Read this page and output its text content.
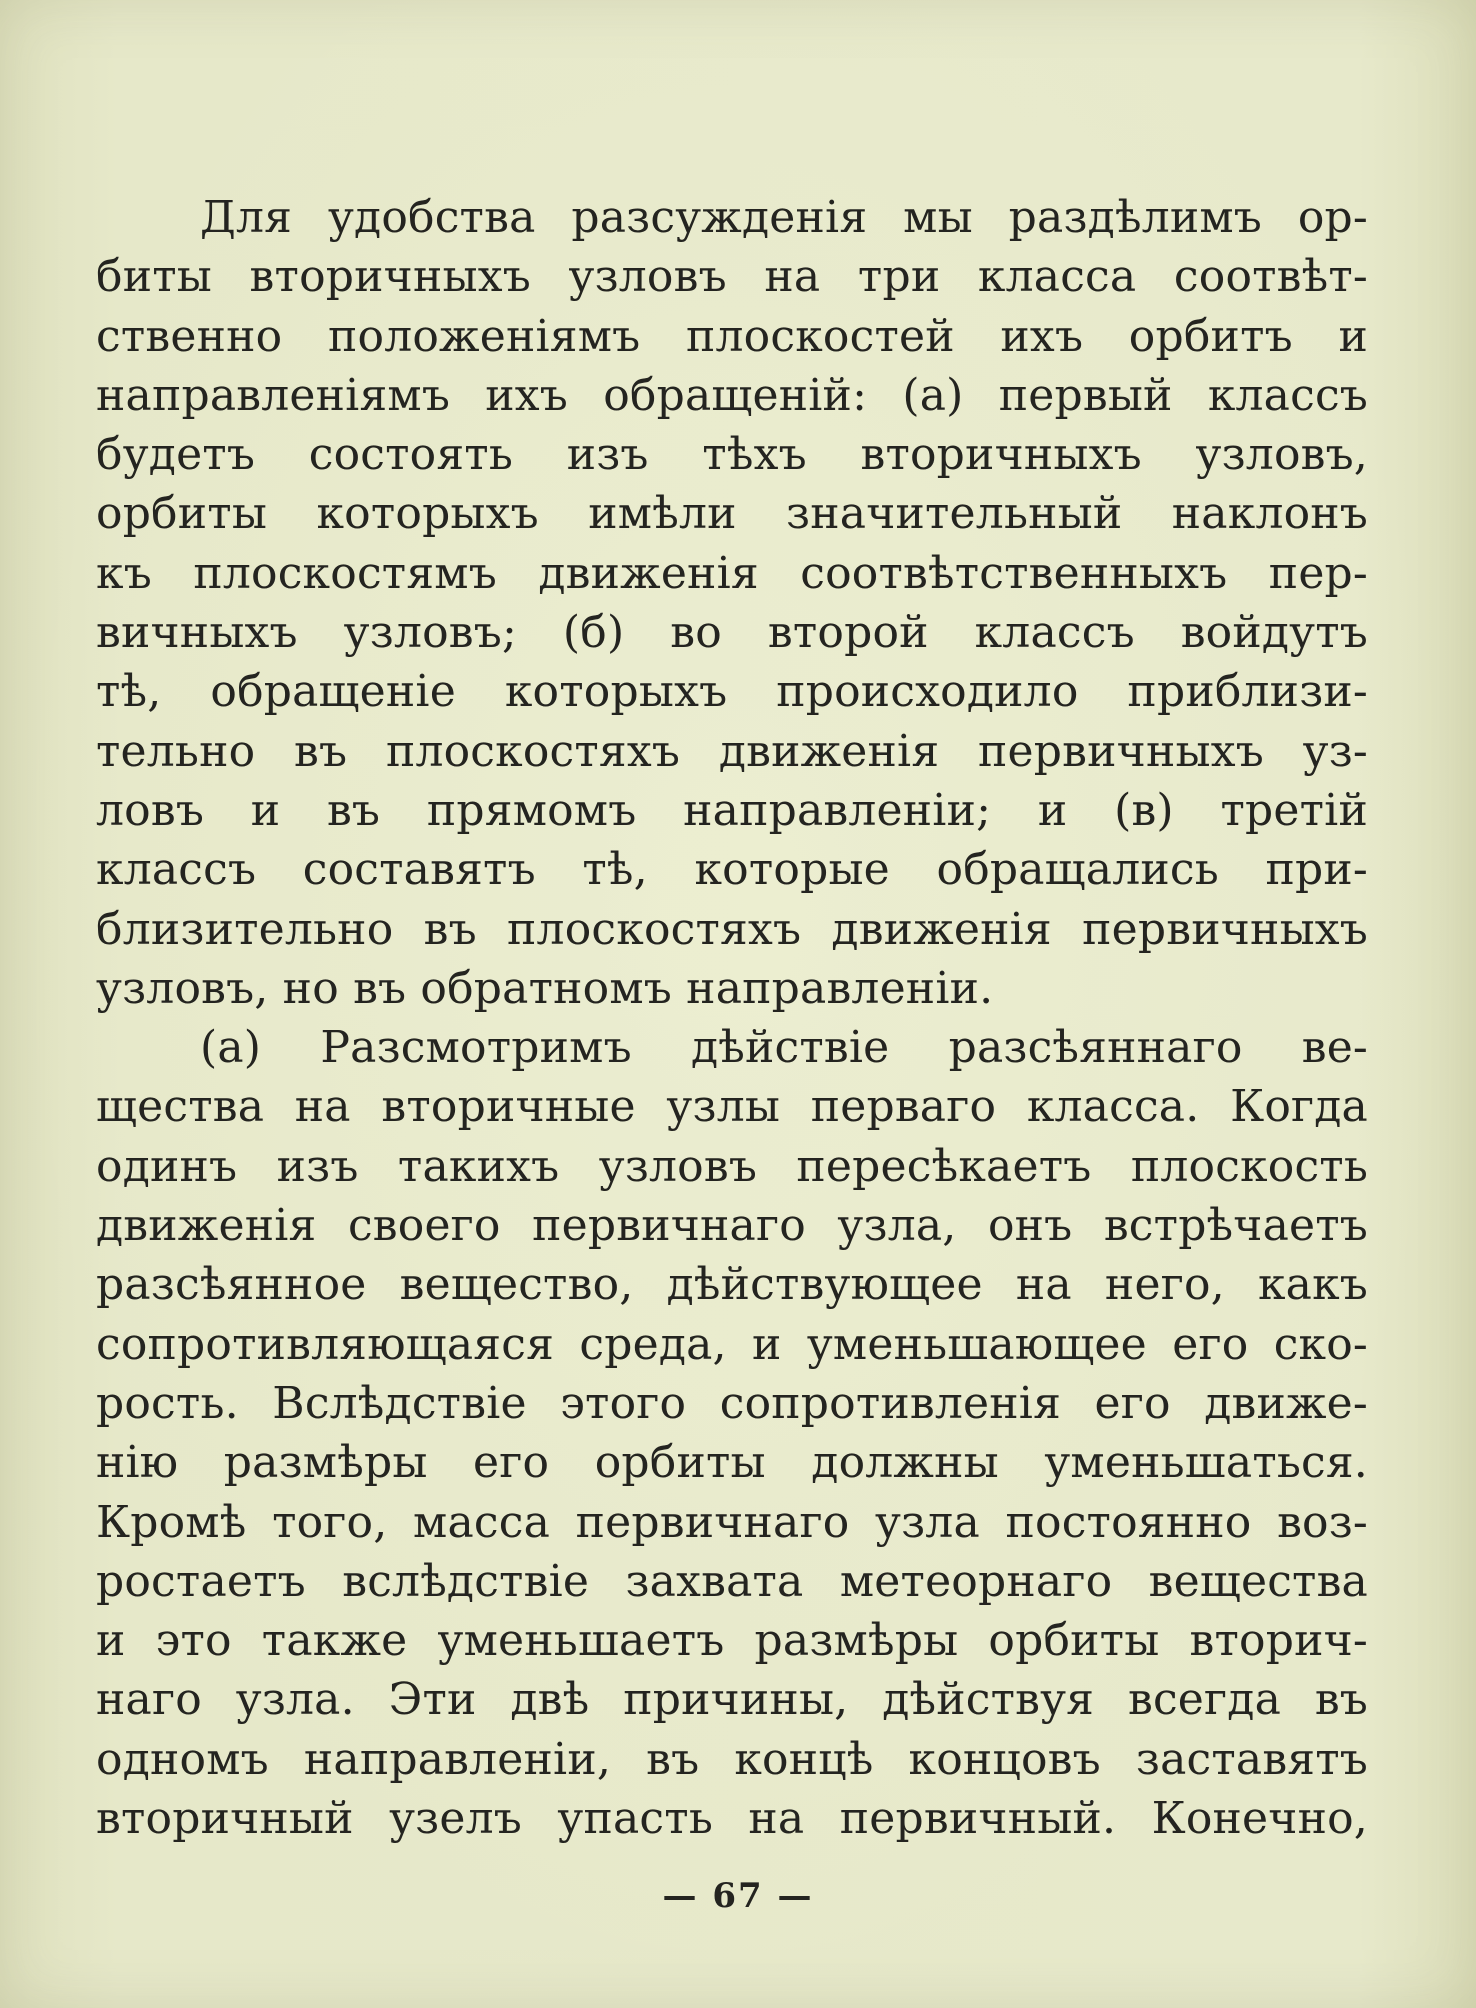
Для удобства разсужденія мы раздѣлимъ ор-
биты вторичныхъ узловъ на три класса соотвѣт-
ственно положеніямъ плоскостей ихъ орбитъ и
направленіямъ ихъ обращеній: (а) первый классъ
будетъ состоять изъ тѣхъ вторичныхъ узловъ,
орбиты которыхъ имѣли значительный наклонъ
къ плоскостямъ движенія соотвѣтственныхъ пер-
вичныхъ узловъ; (б) во второй классъ войдутъ
тѣ, обращеніе которыхъ происходило приблизи-
тельно въ плоскостяхъ движенія первичныхъ уз-
ловъ и въ прямомъ направленіи; и (в) третій
классъ составятъ тѣ, которые обращались при-
близительно въ плоскостяхъ движенія первичныхъ
узловъ, но въ обратномъ направленіи.
(а) Разсмотримъ дѣйствіе разсѣяннаго ве-
щества на вторичные узлы перваго класса. Когда
одинъ изъ такихъ узловъ пересѣкаетъ плоскость
движенія своего первичнаго узла, онъ встрѣчаетъ
разсѣянное вещество, дѣйствующее на него, какъ
сопротивляющаяся среда, и уменьшающее его ско-
рость. Вслѣдствіе этого сопротивленія его движе-
нію размѣры его орбиты должны уменьшаться.
Кромѣ того, масса первичнаго узла постоянно воз-
ростаетъ вслѣдствіе захвата метеорнаго вещества
и это также уменьшаетъ размѣры орбиты вторич-
наго узла. Эти двѣ причины, дѣйствуя всегда въ
одномъ направленіи, въ концѣ концовъ заставятъ
вторичный узелъ упасть на первичный. Конечно,
— 67 —
